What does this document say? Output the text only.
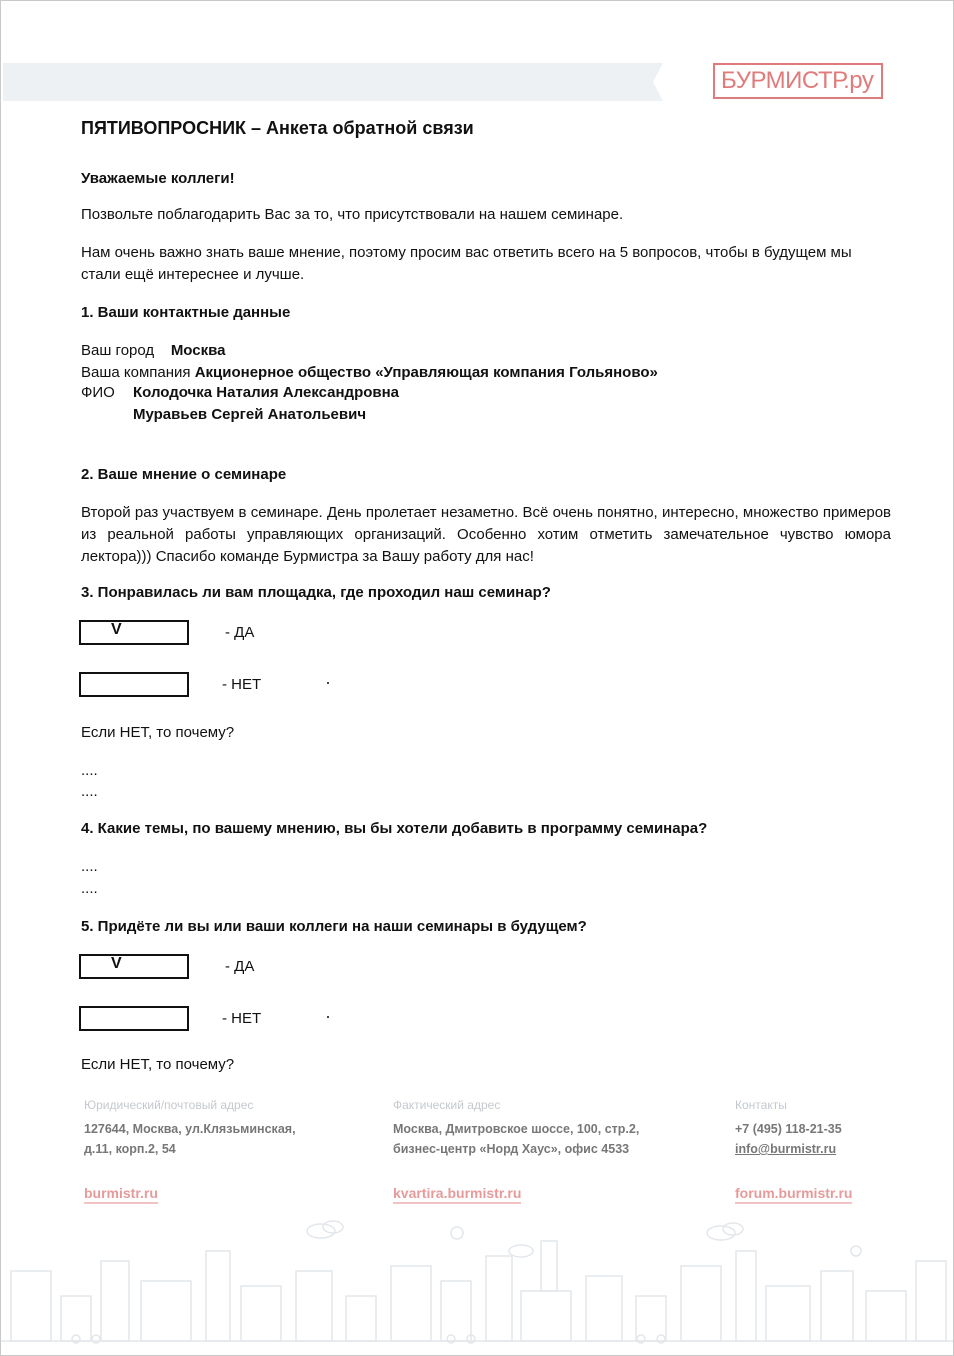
БУРМИСТР.ру
ПЯТИВОПРОСНИК – Анкета обратной связи
Уважаемые коллеги!
Позвольте поблагодарить Вас за то, что присутствовали на нашем семинаре.
Нам очень важно знать ваше мнение, поэтому просим вас ответить всего на 5 вопросов, чтобы в будущем мы стали ещё интереснее и лучше.
1. Ваши контактные данные
Ваш город Москва
Ваша компания Акционерное общество «Управляющая компания Гольяново»
ФИО Колодочка Наталия Александровна
Муравьев Сергей Анатольевич
2. Ваше мнение о семинаре
Второй раз участвуем в семинаре. День пролетает незаметно. Всё очень понятно, интересно, множество примеров из реальной работы управляющих организаций. Особенно хотим отметить замечательное чувство юмора лектора))) Спасибо команде Бурмистра за Вашу работу для нас!
3. Понравилась ли вам площадка, где проходил наш семинар?
V	- ДА
- НЕТ
Если НЕТ, то почему?
....
....
4. Какие темы, по вашему мнению, вы бы хотели добавить в программу семинара?
....
....
5. Придёте ли вы или ваши коллеги на наши семинары в будущем?
V	- ДА
- НЕТ
Если НЕТ, то почему?
Юридический/почтовый адрес
127644, Москва, ул.Клязьминская,
д.11, корп.2, 54
Фактический адрес
Москва, Дмитровское шоссе, 100, стр.2,
бизнес-центр «Норд Хаус», офис 4533
Контакты
+7 (495) 118-21-35
info@burmistr.ru
burmistr.ru	kvartira.burmistr.ru	forum.burmistr.ru
